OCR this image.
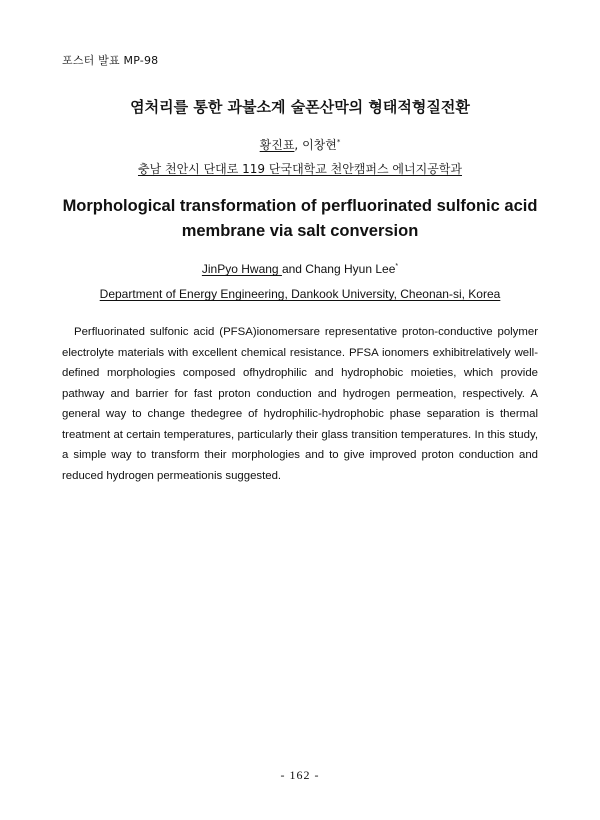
포스터 발표 MP-98
염처리를 통한 과불소계 술폰산막의 형태적형질전환
황진표, 이창현*
충남 천안시 단대로 119 단국대학교 천안캠퍼스 에너지공학과
Morphological transformation of perfluorinated sulfonic acid
membrane via salt conversion
JinPyo Hwang and Chang Hyun Lee*
Department of Energy Engineering, Dankook University, Cheonan-si, Korea
Perfluorinated sulfonic acid (PFSA)ionomersare representative proton-conductive polymer electrolyte materials with excellent chemical resistance. PFSA ionomers exhibitrelatively well-defined morphologies composed ofhydrophilic and hydrophobic moieties, which provide pathway and barrier for fast proton conduction and hydrogen permeation, respectively. A general way to change thedegree of hydrophilic-hydrophobic phase separation is thermal treatment at certain temperatures, particularly their glass transition temperatures. In this study, a simple way to transform their morphologies and to give improved proton conduction and reduced hydrogen permeationis suggested.
- 162 -
